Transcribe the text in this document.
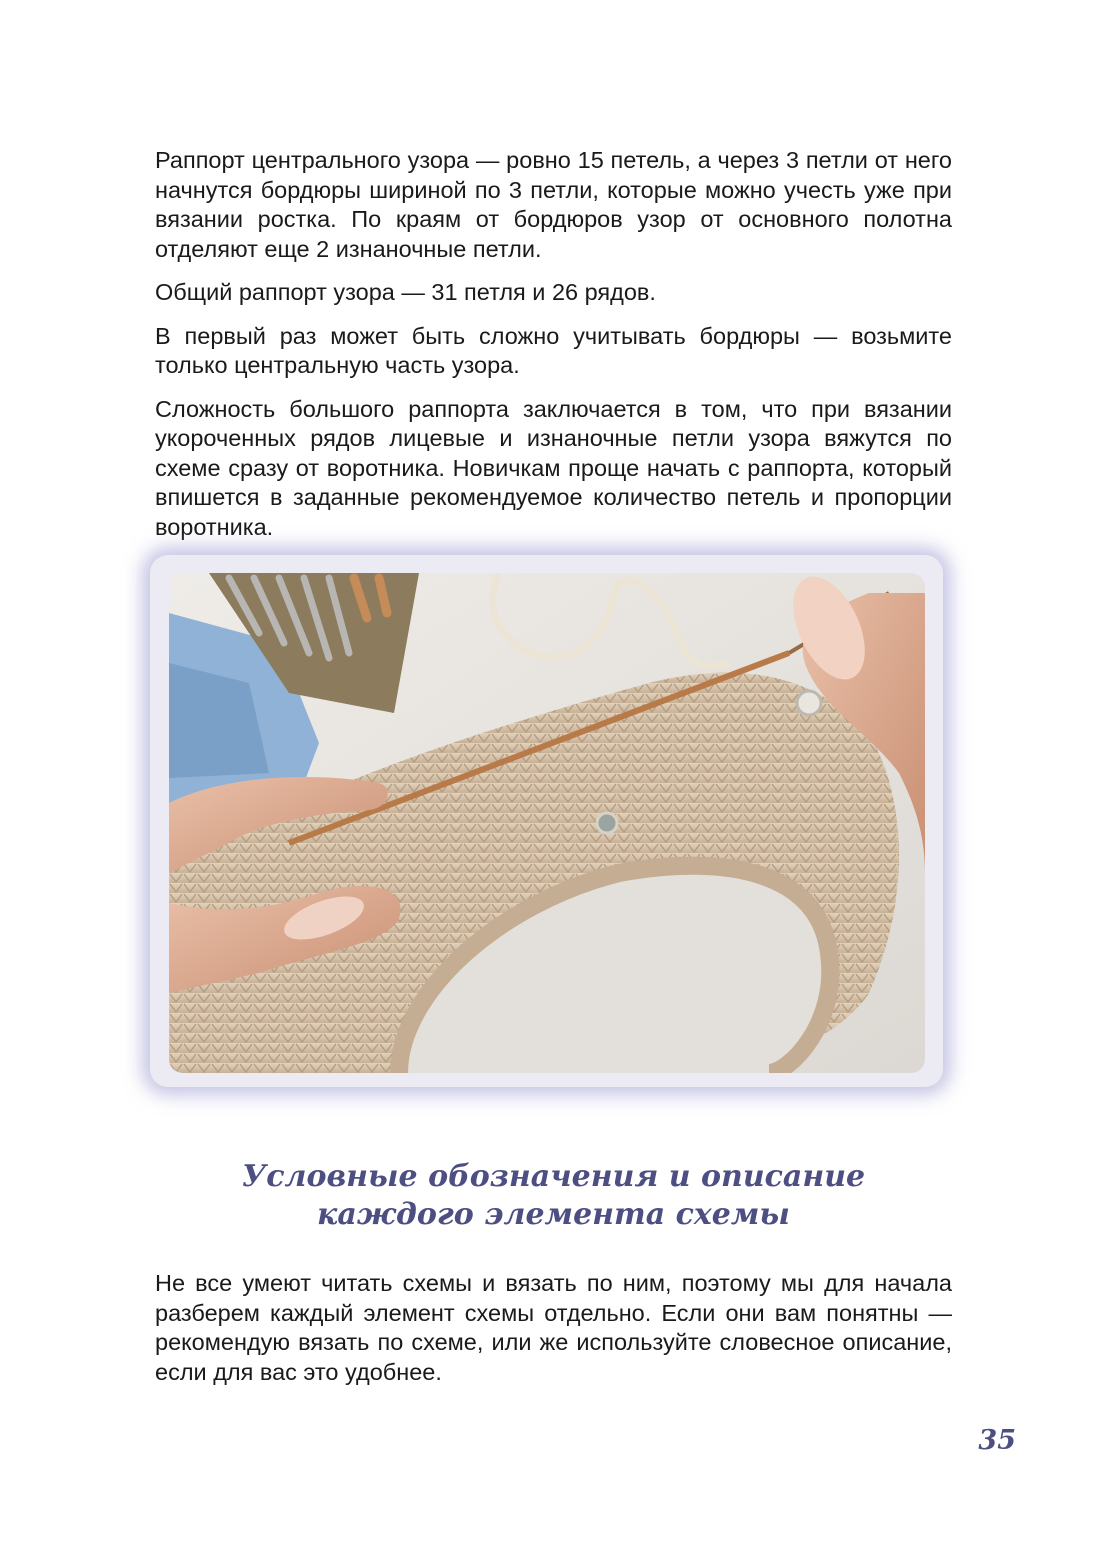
Раппорт центрального узора — ровно 15 петель, а через 3 петли от него начнутся бордюры шириной по 3 петли, которые можно учесть уже при вязании ростка. По краям от бордюров узор от основного полотна отделяют еще 2 изнаночные петли.

Общий раппорт узора — 31 петля и 26 рядов.

В первый раз может быть сложно учитывать бордюры — возьмите только центральную часть узора.

Сложность большого раппорта заключается в том, что при вязании укороченных рядов лицевые и изнаночные петли узора вяжутся по схеме сразу от воротника. Новичкам проще начать с раппорта, который впишется в заданные рекомендуемое количество петель и пропорции воротника.

Условные обозначения и описание
каждого элемента схемы

Не все умеют читать схемы и вязать по ним, поэтому мы для начала разберем каждый элемент схемы отдельно. Если они вам понятны — рекомендую вязать по схеме, или же используйте словесное описание, если для вас это удобнее.

35
